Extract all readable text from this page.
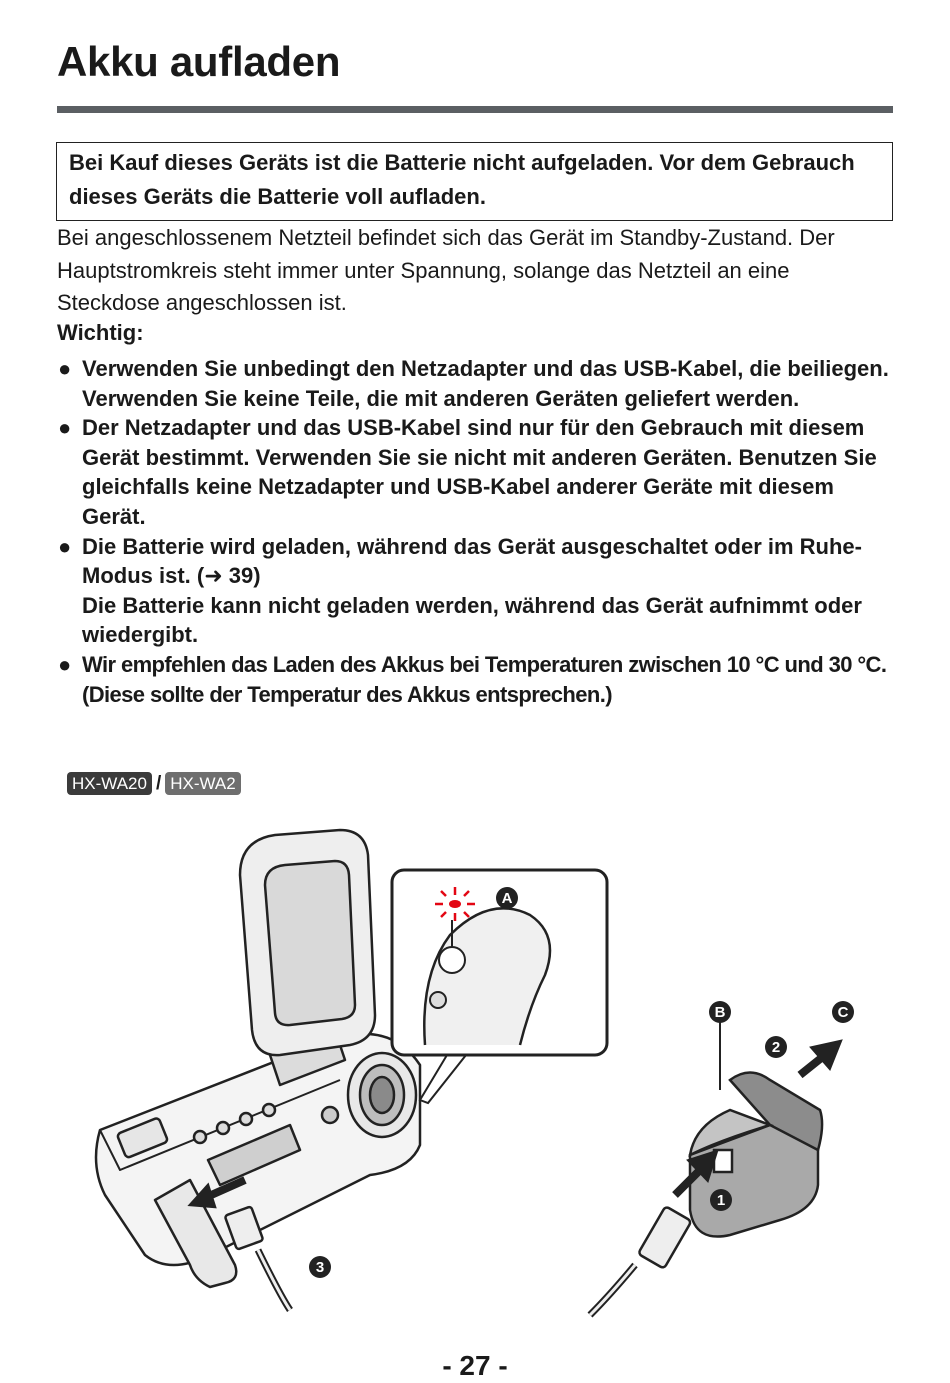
Akku aufladen
Bei Kauf dieses Geräts ist die Batterie nicht aufgeladen. Vor dem Gebrauch dieses Geräts die Batterie voll aufladen.
Bei angeschlossenem Netzteil befindet sich das Gerät im Standby-Zustand. Der Hauptstromkreis steht immer unter Spannung, solange das Netzteil an eine Steckdose angeschlossen ist.
Wichtig:
● Verwenden Sie unbedingt den Netzadapter und das USB-Kabel, die beiliegen. Verwenden Sie keine Teile, die mit anderen Geräten geliefert werden.
● Der Netzadapter und das USB-Kabel sind nur für den Gebrauch mit diesem Gerät bestimmt. Verwenden Sie sie nicht mit anderen Geräten. Benutzen Sie gleichfalls keine Netzadapter und USB-Kabel anderer Geräte mit diesem Gerät.
● Die Batterie wird geladen, während das Gerät ausgeschaltet oder im Ruhe-Modus ist. (➜ 39)
Die Batterie kann nicht geladen werden, während das Gerät aufnimmt oder wiedergibt.
● Wir empfehlen das Laden des Akkus bei Temperaturen zwischen 10 °C und 30 °C. (Diese sollte der Temperatur des Akkus entsprechen.)
HX-WA20 / HX-WA2
A
B	C
2
1
3
- 27 -
